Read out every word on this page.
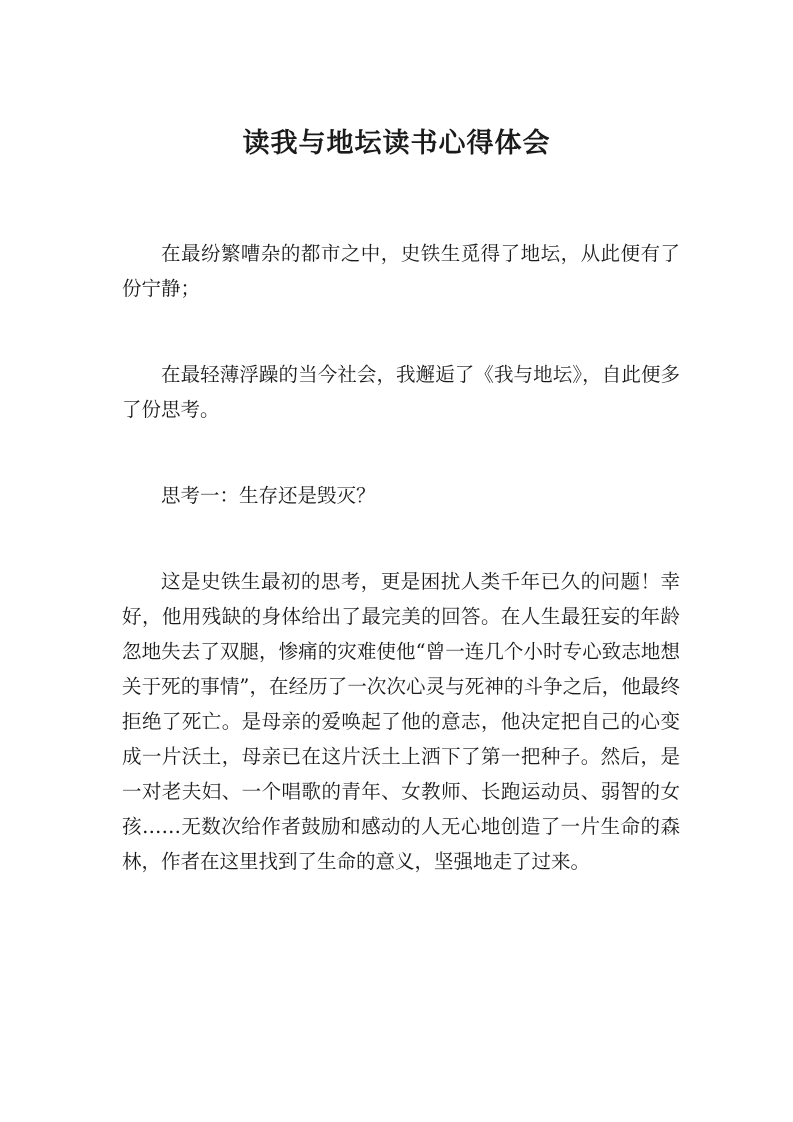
读我与地坛读书心得体会

在最纷繁嘈杂的都市之中，史铁生觅得了地坛，从此便有了份宁静；

在最轻薄浮躁的当今社会，我邂逅了《我与地坛》，自此便多了份思考。

思考一：生存还是毁灭？

这是史铁生最初的思考，更是困扰人类千年已久的问题！幸好，他用残缺的身体给出了最完美的回答。在人生最狂妄的年龄忽地失去了双腿，惨痛的灾难使他“曾一连几个小时专心致志地想关于死的事情”，在经历了一次次心灵与死神的斗争之后，他最终拒绝了死亡。是母亲的爱唤起了他的意志，他决定把自己的心变成一片沃土，母亲已在这片沃土上洒下了第一把种子。然后，是一对老夫妇、一个唱歌的青年、女教师、长跑运动员、弱智的女孩……无数次给作者鼓励和感动的人无心地创造了一片生命的森林，作者在这里找到了生命的意义，坚强地走了过来。
